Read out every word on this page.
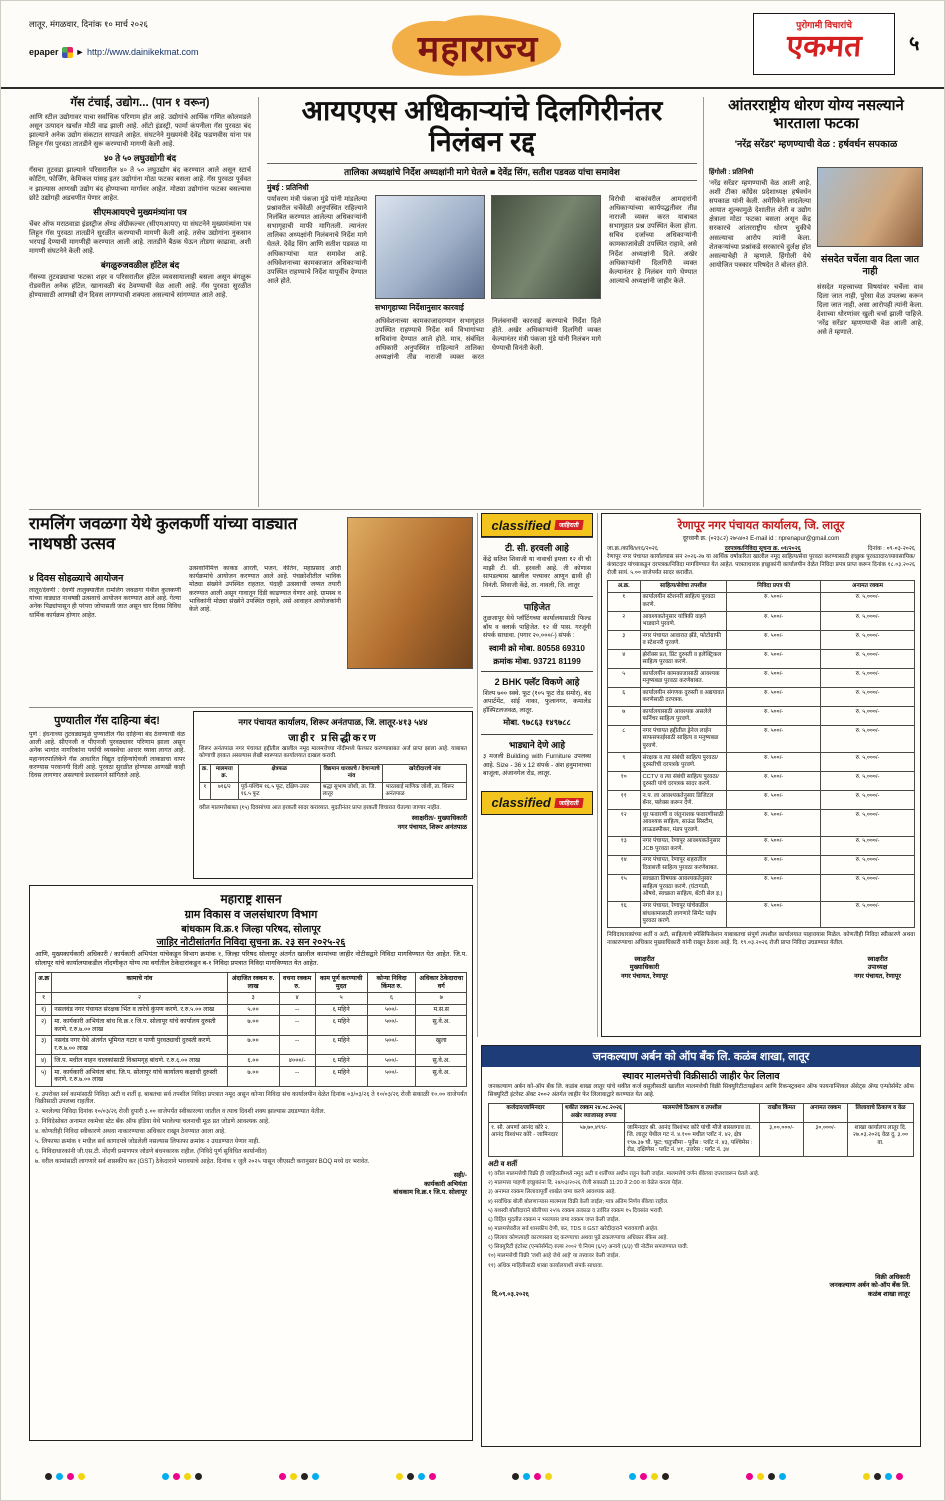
लातूर, मंगळवार, दिनांक १० मार्च २०२६
epaper ► http://www.dainikekmat.com	महाराज्य
पुरोगामी विचारांचे
एकमत	५
गॅस टंचाई, उद्योग... (पान १ वरून)
आणि स्टील उद्योगावर याचा सर्वाधिक परिणाम होत आहे. उद्योगांचे आर्थिक गणित कोलमडले असून उत्पादन खर्चात मोठी वाढ झाली आहे. ऑटो इंडस्ट्री, फार्मा कंपनीला गॅस पुरवठा बंद झाल्याने अनेक उद्योग संकटात सापडले आहेत. संघटनेने मुख्यमंत्री देवेंद्र फडणवीस यांना पत्र लिहून गॅस पुरवठा तातडीने सुरू करण्याची मागणी केली आहे.
४० ते ५० लघुउद्योगी बंद
गॅसचा तुटवडा झाल्याने परिसरातील ४० ते ५० लघुउद्योग बंद करण्यात आले असून स्टार्च कोटिंग, फोर्जिंग, केमिकल यांसह इतर उद्योगांना मोठा फटका बसला आहे. गॅस पुरवठा पूर्ववत न झाल्यास आणखी उद्योग बंद होण्याच्या मार्गावर आहेत. मोठ्या उद्योगांना फटका बसल्यास छोटे उद्योगही अडचणीत येणार आहेत.
सीएमआयएचे मुख्यमंत्र्यांना पत्र
चेंबर ऑफ मराठवाडा इंडस्ट्रीज ॲण्ड ॲग्रीकल्चर (सीएमआयए) या संघटनेने मुख्यमंत्र्यांना पत्र लिहून गॅस पुरवठा तातडीने सुरळीत करण्याची मागणी केली आहे. तसेच उद्योगांना नुकसान भरपाई देण्याची मागणीही करण्यात आली आहे. तातडीने बैठक घेऊन तोडगा काढावा, अशी मागणी संघटनेने केली आहे.
बंगळुरुजवळील हॉटेल बंद
गॅसच्या तुटवड्याचा फटका शहर व परिसरातील हॉटेल व्यवसायालाही बसला असून बंगळुरू रोडवरील अनेक हॉटेल, खानावळी बंद ठेवण्याची वेळ आली आहे. गॅस पुरवठा सुरळीत होण्यासाठी आणखी दोन दिवस लागण्याची शक्यता असल्याचे सांगण्यात आले आहे.
आयएएस अधिकाऱ्यांचे दिलगिरीनंतर निलंबन रद्द
तालिका अध्यक्षांचे निर्देश अध्यक्षांनी मागे घेतले ■ देवेंद्र सिंग, सतीश पडवळ यांचा समावेश
मुंबई : प्रतिनिधी
पर्यावरण मंत्री पंकजा मुंडे यांनी मांडलेल्या प्रश्नावरील चर्चेवेळी अनुपस्थित राहिल्याने निलंबित करण्यात आलेल्या अधिकाऱ्यांनी सभागृहाची माफी मागितली. त्यानंतर तालिका अध्यक्षांनी निलंबनाचे निर्देश मागे घेतले. देवेंद्र सिंग आणि सतीश पडवळ या अधिकाऱ्यांचा यात समावेश आहे. अधिवेशनाच्या कामकाजात अधिकाऱ्यांनी उपस्थित राहण्याचे निर्देश यापूर्वीच देण्यात आले होते.
सभागृहाच्या निर्देशानुसार कारवाई
अधिवेशनाच्या कामकाजादरम्यान सभागृहात उपस्थित राहण्याचे निर्देश सर्व विभागांच्या सचिवांना देण्यात आले होते. मात्र, संबंधित अधिकारी अनुपस्थित राहिल्याने तालिका अध्यक्षांनी तीव्र नाराजी व्यक्त करत निलंबनाची कारवाई करण्याचे निर्देश दिले होते. अखेर अधिकाऱ्यांनी दिलगिरी व्यक्त केल्यानंतर मंत्री पंकजा मुंडे यांनी निलंबन मागे घेण्याची विनंती केली.
विरोधी बाकांवरील आमदारांनी अधिकाऱ्यांच्या कार्यपद्धतीवर तीव्र नाराजी व्यक्त करत याबाबत सभागृहात प्रश्न उपस्थित केला होता. सचिव दर्जाच्या अधिकाऱ्यांनी कामकाजावेळी उपस्थित राहावे, असे निर्देश अध्यक्षांनी दिले. अखेर अधिकाऱ्यांनी दिलगिरी व्यक्त केल्यानंतर हे निलंबन मागे घेण्यात आल्याचे अध्यक्षांनी जाहीर केले.
आंतरराष्ट्रीय धोरण योग्य नसल्याने भारताला फटका
'नरेंद्र सरेंडर' म्हणण्याची वेळ : हर्षवर्धन सपकाळ
हिंगोली : प्रतिनिधी
'नरेंद्र सरेंडर' म्हणण्याची वेळ आली आहे, अशी टीका काँग्रेस प्रदेशाध्यक्ष हर्षवर्धन सपकाळ यांनी केली. अमेरिकेने लादलेल्या आयात शुल्कामुळे देशातील शेती व उद्योग क्षेत्राला मोठा फटका बसला असून केंद्र सरकारचे आंतरराष्ट्रीय धोरण चुकीचे असल्याचा आरोप त्यांनी केला. शेतकऱ्यांच्या प्रश्नांकडे सरकारचे दुर्लक्ष होत असल्याचेही ते म्हणाले. हिंगोली येथे आयोजित पत्रकार परिषदेत ते बोलत होते.
संसदेत चर्चेला वाव दिला जात नाही
संसदेत महत्त्वाच्या विषयांवर चर्चेला वाव दिला जात नाही, पुरेसा वेळ उपलब्ध करून दिला जात नाही, असा आरोपही त्यांनी केला. देशाच्या धोरणांवर खुली चर्चा झाली पाहिजे. 'नरेंद्र सरेंडर' म्हणण्याची वेळ आली आहे, असे ते म्हणाले.
रामलिंग जवळगा येथे कुलकर्णी यांच्या वाड्यात नाथषष्ठी उत्सव
४ दिवस सोहळ्याचे आयोजन
लातूर/देवणी : देवणी तालुक्यातील रामलिंग जवळगा येथील कुलकर्णी यांच्या वाड्यात नाथषष्ठी उत्सवाचे आयोजन करण्यात आले आहे. गेल्या अनेक पिढ्यांपासून ही परंपरा जोपासली जात असून चार दिवस विविध धार्मिक कार्यक्रम होणार आहेत.
उत्सवानिमित्त काकड आरती, भजन, कीर्तन, महाप्रसाद आदी कार्यक्रमांचे आयोजन करण्यात आले आहे. पंचक्रोशीतील भाविक मोठ्या संख्येने उपस्थित राहतात. यंदाही उत्सवाची जय्यत तयारी करण्यात आली असून गावातून दिंडी काढण्यात येणार आहे. ग्रामस्थ व भाविकांनी मोठ्या संख्येने उपस्थित राहावे, असे आवाहन आयोजकांनी केले आहे.
पुण्यातील गॅस दाहिन्या बंद!
पुणे : इंधनाच्या तुटवड्यामुळे पुण्यातील गॅस दाहिन्या बंद ठेवण्याची वेळ आली आहे. सीएनजी व पीएनजी पुरवठ्यावर परिणाम झाला असून अनेक भागांत नागरिकांना पर्यायी व्यवस्थेचा आधार घ्यावा लागत आहे. महानगरपालिकेने गॅस आधारित विद्युत दाहिन्यांऐवजी लाकडाचा वापर करण्यास परवानगी दिली आहे. पुरवठा सुरळीत होण्यास आणखी काही दिवस लागणार असल्याचे प्रशासनाने सांगितले आहे.
नगर पंचायत कार्यालय, शिरूर अनंतपाळ, जि. लातूर-४१३ ५४४
जाहीर प्रसिद्धीकरण
शिरूर अनंतपाळ नगर पंचायत हद्दीतील खालील नमूद मालमत्तेच्या नोंदीमध्ये फेरफार करण्याबाबत अर्ज प्राप्त झाला आहे. याबाबत कोणाची हरकत असल्यास लेखी स्वरूपात कार्यालयात दाखल करावी.
क्र.	मालमत्ता क्र.	क्षेत्रफळ	विद्यमान धारकाचे / देणाऱ्याचे नांव	खरेदीदाराचे नांव
१	७१६/२	पूर्व-पश्चिम १६.५ फूट, दक्षिण-उत्तर १६.५ फूट	श्रद्धा सुभाष जोशी, ता. जि. लातूर	भारतबाई माणिक जोशी, ता. शिरूर अनंतपाळ
वरील मालमत्तेबाबत (१५) दिवसांच्या आत हरकती सादर कराव्यात. मुदतीनंतर प्राप्त हरकती विचारात घेतल्या जाणार नाहीत.
स्वाक्षरीत/- मुख्याधिकारी
नगर पंचायत, शिरूर अनंतपाळ
महाराष्ट्र शासन
ग्राम विकास व जलसंधारण विभाग
बांधकाम वि.क्र.१ जिल्हा परिषद, सोलापूर
जाहिर नोटीसांतर्गत निविदा सुचना क्र. २३ सन २०२५-२६
आणि, मुख्यकार्यकारी अधिकारी / कार्यकारी अभियंता यांचेकडून विभाग क्रमांक १, जिल्हा परिषद सोलापूर अंतर्गत खालील कामांच्या जाहीर नोटीसद्वारे निविदा मागविण्यात येत आहेत. जि.प. सोलापूर यांचे कार्यालयाकडील नोंदणीकृत योग्य त्या वर्गातील ठेकेदारांकडून ब-१ निविदा प्रपत्रात निविदा मागविण्यात येत आहेत.
अ.क्र	कामाचे नांव	अंदाजित रक्कम रु. लाख	वचना रक्कम रु.	काम पूर्ण करण्याची मुदत	कोऱ्या निविदा किंमत रु.	अधिकार ठेकेदाराचा वर्ग
१	२	३	४	५	६	७
१)	नसलवंड नगर पंचायत संरक्षक भिंत व तारेचे कुंपण करणे. र.रु.५.०० लाख	५.००	--	६ महिने	५००/-	म.स.स
२)	मा. कार्यकारी अभियंता बांध वि.क्र.१ जि.प. सोलापूर यांचे कार्यालय दुरुस्ती करणे. र.रु.७.०० लाख	७.००	--	६ महिने	५००/-	सु.वे.अ.
३)	नसवंड नगर येथे अंतर्गत भूमिगत गटार व पाणी पुरवठ्याची दुरुस्ती करणे. र.रु.७.०० लाख	७.००	--	६ महिने	५००/-	खुला
४)	जि.प. मधील वाहन चालकांसाठी विश्रामगृह बांधणे. र.रु.६.०० लाख	६.००	४०००/-	६ महिने	५००/-	सु.वे.अ.
५)	मा. कार्यकारी अभियंता बांध. जि.प. सोलापूर यांचे कार्यालय कक्षाची दुरुस्ती करणे. र.रु.७.०० लाख	७.००	--	६ महिने	५००/-	सु.वे.अ.
१. उपरोक्त सर्व कामांसाठी निविदा अटी व शर्ती इ. बाबतचा सर्व तपशील निविदा प्रपत्रात नमूद असून कोऱ्या निविदा संच कार्यालयीन वेळेत दिनांक ०३/०३/२६ ते १०/०३/२६ रोजी सकाळी १०.०० वाजेपर्यंत विक्रीसाठी उपलब्ध राहतील.
२. भरलेल्या निविदा दिनांक १०/०३/२६ रोजी दुपारी ३.०० वाजेपर्यंत स्वीकारल्या जातील व त्याच दिवशी शक्य झाल्यास उघडण्यात येतील.
३. निविदेसोबत अनामत रकमेचा स्टेट बँक ऑफ इंडिया येथे भरलेल्या चलनाची मूळ प्रत जोडणे आवश्यक आहे.
४. कोणतीही निविदा स्वीकारणे अथवा नाकारण्याचा अधिकार राखून ठेवण्यात आला आहे.
५. लिफाफा क्रमांक १ मधील सर्व कागदपत्रे जोडलेली नसल्यास लिफाफा क्रमांक २ उघडण्यात येणार नाही.
६. निविदाधारकांनी जी.एस.टी. नोंदणी प्रमाणपत्र जोडणे बंधनकारक राहील. (निविदे पूर्ण सुविधित कार्यान्वीत)
७. वरील कामांसाठी लागणारे सर्व शासकीय कर (GST) ठेकेदाराने भरावयाचे आहेत. दिनांक १ जुलै २०२५ पासून जीएसटी करानुसार BOQ मध्ये दर भरावेत.
सही/-
कार्यकारी अभियंता
बांधकाम वि.क्र.१ जि.प. सोलापूर
classified	जाहिराती
टी. सी. हरवली आहे
केंद्रे सतिश शिवाजी या नावाची इयत्ता १२ वी ची माझी टी. सी. हरवली आहे. ती कोणास सापडल्यास खालील पत्त्यावर आणून द्यावी ही विनंती. शिवाजी केंद्रे, ता. नावली, जि. लातूर
पाहिजेत
तुळजापूर येथे प्लॉटिंगच्या कार्यालयासाठी फिल्ड बॉय व क्लार्क पाहिजेत. १२ वी पास. गरजूंनी संपर्क साधावा. (पगार २०,०००/-) संपर्क :
स्वामी क्रो मोबा. 80558 69310
क्रमांक मोबा. 93721 81199
2 BHK फ्लॅट विकणे आहे
शिल्प ७०० स्क्वे. फूट (१०५ फूट रोड समोर), बंद अपार्टमेंट, सांई नाका, फुलानगर, कमालेड हॉस्पिटलजवळ, लातूर.
मोबा. ९७८६३ १४९७८८
भाड्याने देणे आहे
३ मजली Building with Furniture उपलब्ध आहे. Size - 36 x 12 संपर्क - अंश हनुमानाच्या बाजूला, अंजानगेल रोड, लातूर.
classified	जाहिराती
रेणापूर नगर पंचायत कार्यालय, जि. लातूर
दूरध्वनी क्र. (०२३८२) २७५४०२ E-mail id : nprenapur@gmail.com
जा.क्र./कावि/४१६/२०२६	दरपत्रक/निविदा सूचना क्र. ०१/२०२६	दिनांक : ०९-०३-२०२६
रेणापूर नगर पंचायत कार्यालयास सन २०२६-२७ या आर्थिक वर्षाकरिता खालील नमूद साहित्य/सेवा पुरवठा करण्यासाठी इच्छुक पुरवठादार/व्यावसायिक/कंत्राटदार यांच्याकडून दरपत्रक/निविदा मागविण्यात येत आहेत. पात्रताधारक इच्छुकांनी कार्यालयीन वेळेत निविदा प्रपत्र प्राप्त करून दिनांक १८.०३.२०२६ रोजी सायं. ५.०० वाजेपर्यंत सादर करावीत.
अ.क्र.	साहित्य/सेवेचा तपशील	निविदा प्रपत्र फी	अनामत रक्कम
१	कार्यालयीन स्टेशनरी साहित्य पुरवठा करणे.	रु. ५००/-	रु. ५,०००/-
२	आवश्यकतेनुसार यांत्रिकी वाहने भाड्याने पुरवणे.	रु. ५००/-	रु. ५,०००/-
३	नगर पंचायत आवारात झेंडे, फोटोग्राफी व स्टेशनरी पुरवणे.	रु. ५००/-	रु. ५,०००/-
४	झेरॉक्स प्रत, प्रिंट दुरुस्ती व इलेक्ट्रिकल साहित्य पुरवठा करणे.	रु. ५००/-	रु. ५,०००/-
५	कार्यालयीन कामकाजासाठी आवश्यक मनुष्यबळ पुरवठा करणेबाबत.	रु. ५००/-	रु. ५,०००/-
६	कार्यालयीन संगणक दुरुस्ती व अद्ययावत करणेसाठी दरपत्रक.	रु. ५००/-	रु. ५,०००/-
७	कार्यालयासाठी आवश्यक असलेले फर्निचर साहित्य पुरवणे.	रु. ५००/-	रु. ५,०००/-
८	नगर पंचायत हद्दीतील ड्रेनेज लाईन साफसफाईसाठी साहित्य व मनुष्यबळ पुरवणे.	रु. ५००/-	रु. ५,०००/-
९	संरक्षक व त्या संबंधी साहित्य पुरवठा/दुरुस्तीची दरपत्रके पुरवणे.	रु. ५००/-	रु. ५,०००/-
१०	CCTV व त्या संबंधी साहित्य पुरवठा/दुरुस्ती यांचे दरपत्रक सादर करणे.	रु. ५००/-	रु. ५,०००/-
११	न.प. ला आवश्यकतेनुसार डिजिटल बॅनर, फ्लेक्स करून देणे.	रु. ५००/-	रु. ५,०००/-
१२	धूर फवारणी व जंतुनाशक फवारणीसाठी आवश्यक साहित्य, साऊंड सिस्टीम, लाऊडस्पीकर, मंडप पुरवणे.	रु. ५००/-	रु. ५,०००/-
१३	नगर पंचायत, रेणापूर आवश्यकतेनुसार JCB पुरवठा करणे.	रु. ५००/-	रु. ५,०००/-
१४	नगर पंचायत, रेणापूर शहरातील दिवाबत्ती साहित्य पुरवठा करणेबाबत.	रु. ५००/-	रु. ५,०००/-
१५	स्वच्छता विषयक आवश्यकतेनुसार साहित्य पुरवठा करणे. (घंटागाडी, औषधे, स्वच्छता साहित्य, बॅटरी सेल इ.)	रु. ५००/-	रु. ५,०००/-
१६	नगर पंचायत, रेणापूर यांचेकडील बांधकामासाठी लागणारे सिमेंट पाईप पुरवठा करणे.	रु. ५००/-	रु. ५,०००/-
निविदाधारकांच्या शर्ती व अटी, साहित्याचे स्पेसिफिकेशन याबाबतचा संपूर्ण तपशील कार्यालयात पाहावयास मिळेल. कोणतीही निविदा स्वीकारणे अथवा नाकारण्याचा अधिकार मुख्याधिकारी यांनी राखून ठेवला आहे. दि. १९.०३.२०२६ रोजी प्राप्त निविदा उघडण्यात येतील.
स्वाक्षरीत
मुख्याधिकारी
नगर पंचायत, रेणापूर
स्वाक्षरीत
उपाध्यक्ष
नगर पंचायत, रेणापूर
जनकल्याण अर्बन को ऑप बँक लि. कळंब शाखा, लातूर
स्थावर मालमत्तेची विक्रीसाठी जाहीर फेर लिलाव
जनकल्याण अर्बन को-ऑप बँक लि. कळंब शाखा लातूर यांचे थकीत कर्ज वसुलीसाठी खालील मालमत्तेची विक्री सिक्युरिटीटायझेशन आणि रिकन्स्ट्रक्शन ऑफ फायनान्शियल ॲसेट्स ॲण्ड एन्फोर्समेंट ऑफ सिक्युरिटी इंटरेस्ट ॲक्ट २००२ अंतर्गत जाहीर फेर लिलावाद्वारे करण्यात येत आहे.
कर्जदार/जामिनदार	थकीत रक्कम २४.०८.२०२६ अखेर व्याजासह रुपया	मालमत्तेचे ठिकाण व तपशील	राखीव किंमत	अनामत रक्कम	लिलावाचे ठिकाण व वेळ
१. सौ. अपर्णा आनंद कोरे २. आनंद विश्वंभर कोरे - जामिनदार	५७,७०,४९९/-	जामिनदार श्री. आनंद विश्वंभर कोरे यांची मौजे बासलगाव ता. जि. लातूर येथील गट नं. ४.१०० मधील प्लॉट नं. ४२, क्षेत्र १९७.३७ चौ. फूट; चतुःसीमा - पूर्वेस : प्लॉट नं. ४३, पश्चिमेस : रोड, दक्षिणेस : प्लॉट नं. ४१, उत्तरेस : प्लॉट नं. ३४	३,००,०००/-	३०,०००/-	शाखा कार्यालय लातूर दि. २७.०३.२०२६ वेळ दु. ३.०० वा.
अटी व शर्ती
१) वरील मालमत्तेची विक्री ही जाहिरातीमध्ये नमूद अटी व शर्तींच्या अधीन राहून केली जाईल. मालमत्तेचे वर्णन बँकेच्या दप्तरावरून घेतले आहे.
२) मालमत्ता पाहणी इच्छुकांना दि. २४/०३/२०२६ रोजी सकाळी 11:20 ते 2:00 या वेळेत करता येईल.
३) अनामत रक्कम लिलावापूर्वी शाखेत जमा करणे आवश्यक आहे.
४) सर्वाधिक बोली बोलणाऱ्यास मालमत्ता विक्री केली जाईल; मात्र अंतिम निर्णय बँकेचा राहील.
५) यशस्वी बोलीदाराने बोलीच्या २५% रक्कम तत्काळ व उर्वरित रक्कम १५ दिवसांत भरावी.
६) विहित मुदतीत रक्कम न भरल्यास जमा रक्कम जप्त केली जाईल.
७) मालमत्तेवरील सर्व शासकीय देणी, कर, TDS व GST खरेदीदाराने भरावयाची आहेत.
८) लिलाव कोणत्याही कारणास्तव रद्द करण्याचा अथवा पुढे ढकलण्याचा अधिकार बँकेस आहे.
९) सिक्युरिटी इंटरेस्ट (एन्फोर्समेंट) रुल्स २००२ चे नियम (६/२) अन्वये (६/३) ची नोटीस समजण्यात यावी.
१०) मालमत्तेची विक्री 'जशी आहे जेथे आहे' या तत्त्वावर केली जाईल.
११) अधिक माहितीसाठी शाखा कार्यालयाशी संपर्क साधावा.
दि.०९.०३.२०२६
विक्री अधिकारी
जनकल्याण अर्बन को-ऑप बँक लि.
कळंब शाखा लातूर
